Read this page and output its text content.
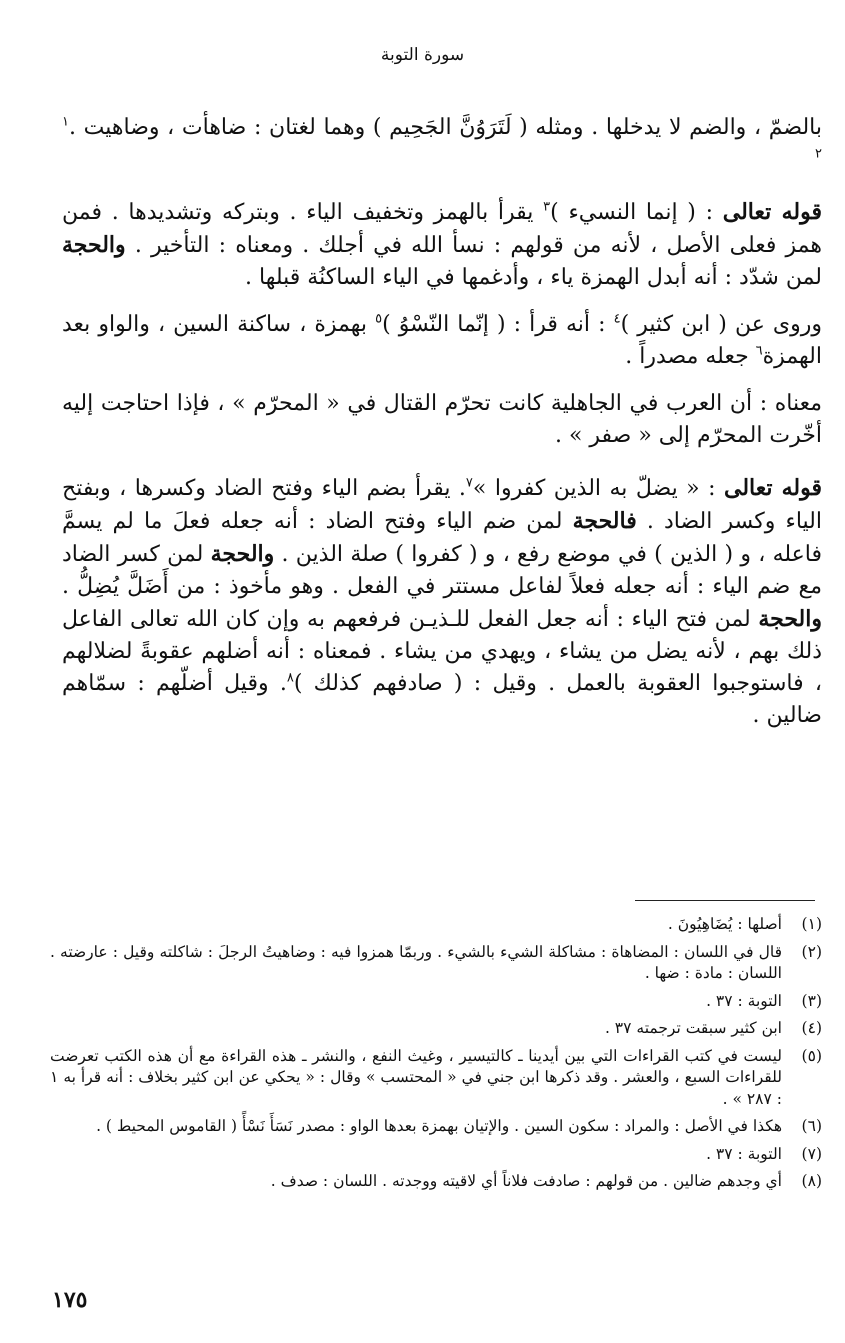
سورة التوبة

بالضمّ ، والضم لا يدخلها . ومثله ( لَتَرَوُنَّ الجَحِيم ) وهما لغتان : ضاهأت ، وضاهيت .$^١$ $^٢$

قوله تعالى : ( إنما النسيء )$^٣$ يقرأ بالهمز وتخفيف الياء . وبتركه وتشديدها . فمن همز فعلى الأصل ، لأنه من قولهم : نسأ الله في أجلك . ومعناه : التأخير . والحجة لمن شدّد : أنه أبدل الهمزة ياء ، وأدغمها في الياء الساكنُة قبلها .

وروى عن ( ابن كثير )$^٤$ : أنه قرأ : ( إنّما النّسْوُ )$^٥$ بهمزة ، ساكنة السين ، والواو بعد الهمزة$^٦$ جعله مصدراً .

معناه : أن العرب في الجاهلية كانت تحرّم القتال في « المحرّم » ، فإذا احتاجت إليه أخّرت المحرّم إلى « صفر » .

قوله تعالى : « يضلّ به الذين كفروا »$^٧$. يقرأ بضم الياء وفتح الضاد وكسرها ، وبفتح الياء وكسر الضاد . فالحجة لمن ضم الياء وفتح الضاد : أنه جعله فعلَ ما لم يسمَّ فاعله ، و ( الذين ) في موضع رفع ، و ( كفروا ) صلة الذين . والحجة لمن كسر الضاد مع ضم الياء : أنه جعله فعلاً لفاعل مستتر في الفعل . وهو مأخوذ : من أَضَلَّ يُضِلُّ . والحجة لمن فتح الياء : أنه جعل الفعل للـذيـن فرفعهم به وإن كان الله تعالى الفاعل ذلك بهم ، لأنه يضل من يشاء ، ويهدي من يشاء . فمعناه : أنه أضلهم عقوبةً لضلالهم ، فاستوجبوا العقوبة بالعمل . وقيل : ( صادفهم كذلك )$^٨$. وقيل أضلّهم : سمّاهم ضالين .

(١)
أصلها : يُضَاهِيُونَ .
(٢)
قال في اللسان : المضاهاة : مشاكلة الشيء بالشيء . وربمّا همزوا فيه : وضاهيتُ الرجلَ : شاكلته وقيل : عارضته . اللسان : مادة : ضها .
(٣)
التوبة : ٣٧ .
(٤)
ابن كثير سبقت ترجمته ٣٧ .
(٥)
ليست في كتب القراءات التي بين أيدينا ـ كالتيسير ، وغيث النفع ، والنشر ـ هذه القراءة مع أن هذه الكتب تعرضت للقراءات السبع ، والعشر . وقد ذكرها ابن جني في « المحتسب » وقال : « يحكي عن ابن كثير بخلاف : أنه قرأ به ١ : ٢٨٧ » .
(٦)
هكذا في الأصل : والمراد : سكون السين . والإتيان بهمزة بعدها الواو : مصدر نَسَأَ نَسْأً ( القاموس المحيط ) .
(٧)
التوبة : ٣٧ .
(٨)
أي وجدهم ضالين . من قولهم : صادفت فلاناً أي لاقيته ووجدته . اللسان : صدف .
١٧٥
